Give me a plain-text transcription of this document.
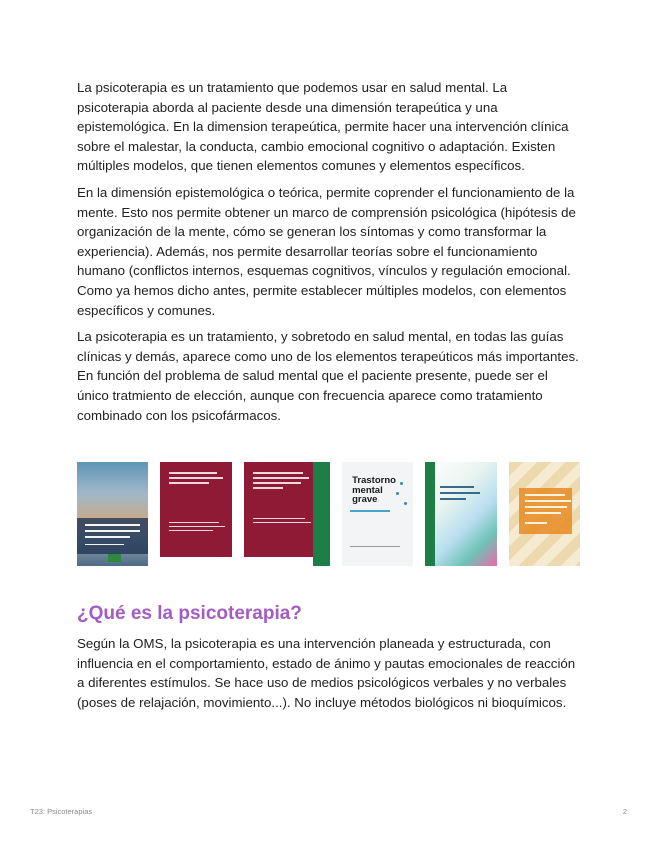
La psicoterapia es un tratamiento que podemos usar en salud mental. La psicoterapia aborda al paciente desde una dimensión terapeútica y una epistemológica. En la dimension terapeútica, permite hacer una intervención clínica sobre el malestar, la conducta, cambio emocional cognitivo o adaptación. Existen múltiples modelos, que tienen elementos comunes y elementos específicos.

En la dimensión epistemológica o teórica, permite coprender el funcionamiento de la mente. Esto nos permite obtener un marco de comprensión psicológica (hipótesis de organización de la mente, cómo se generan los síntomas y como transformar la experiencia). Además, nos permite desarrollar teorías sobre el funcionamiento humano (conflictos internos, esquemas cognitivos, vínculos y regulación emocional. Como ya hemos dicho antes, permite establecer múltiples modelos, con elementos específicos y comunes.

La psicoterapia es un tratamiento, y sobretodo en salud mental, en todas las guías clínicas y demás, aparece como uno de los elementos terapeúticos más importantes. En función del problema de salud mental que el paciente presente, puede ser el único tratmiento de elección, aunque con frecuencia aparece como tratamiento combinado con los psicofármacos.

Trastorno
mental
grave
¿Qué es la psicoterapia?

Según la OMS, la psicoterapia es una intervención planeada y estructurada, con influencia en el comportamiento, estado de ánimo y pautas emocionales de reacción a diferentes estímulos. Se hace uso de medios psicológicos verbales y no verbales (poses de relajación, movimiento...). No incluye métodos biológicos ni bioquímicos.

T23: Psicoterapias	2
